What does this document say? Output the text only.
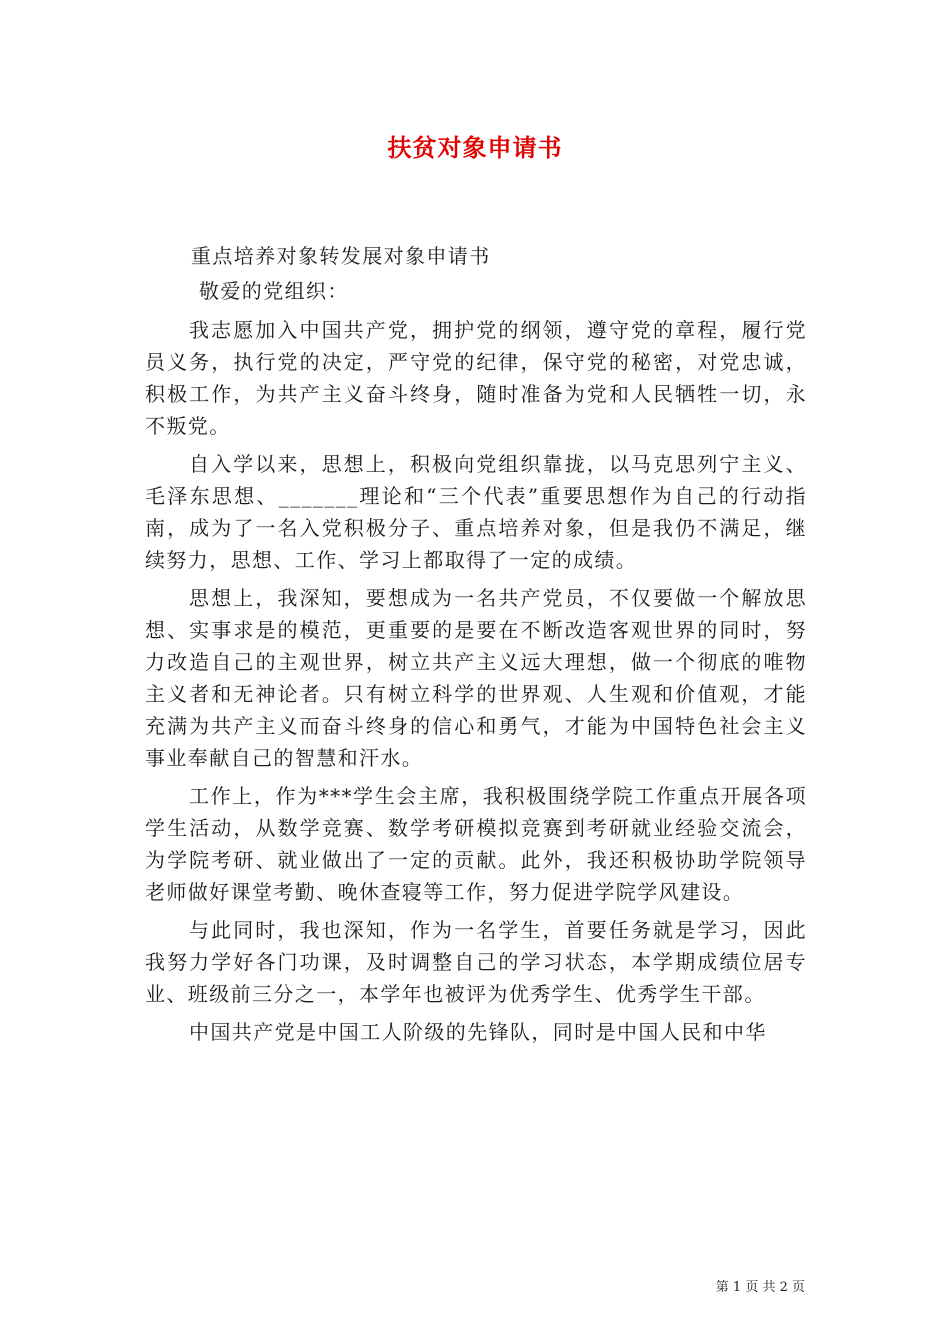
扶贫对象申请书

重点培养对象转发展对象申请书

敬爱的党组织：

我志愿加入中国共产党，拥护党的纲领，遵守党的章程，履行党员义务，执行党的决定，严守党的纪律，保守党的秘密，对党忠诚，积极工作，为共产主义奋斗终身，随时准备为党和人民牺牲一切，永不叛党。

自入学以来，思想上，积极向党组织靠拢，以马克思列宁主义、毛泽东思想、_______理论和“三个代表”重要思想作为自己的行动指南，成为了一名入党积极分子、重点培养对象，但是我仍不满足，继续努力，思想、工作、学习上都取得了一定的成绩。

思想上，我深知，要想成为一名共产党员，不仅要做一个解放思想、实事求是的模范，更重要的是要在不断改造客观世界的同时，努力改造自己的主观世界，树立共产主义远大理想，做一个彻底的唯物主义者和无神论者。只有树立科学的世界观、人生观和价值观，才能充满为共产主义而奋斗终身的信心和勇气，才能为中国特色社会主义事业奉献自己的智慧和汗水。

工作上，作为***学生会主席，我积极围绕学院工作重点开展各项学生活动，从数学竞赛、数学考研模拟竞赛到考研就业经验交流会，为学院考研、就业做出了一定的贡献。此外，我还积极协助学院领导老师做好课堂考勤、晚休查寝等工作，努力促进学院学风建设。

与此同时，我也深知，作为一名学生，首要任务就是学习，因此我努力学好各门功课，及时调整自己的学习状态，本学期成绩位居专业、班级前三分之一，本学年也被评为优秀学生、优秀学生干部。

中国共产党是中国工人阶级的先锋队，同时是中国人民和中华

第 1 页 共 2 页
